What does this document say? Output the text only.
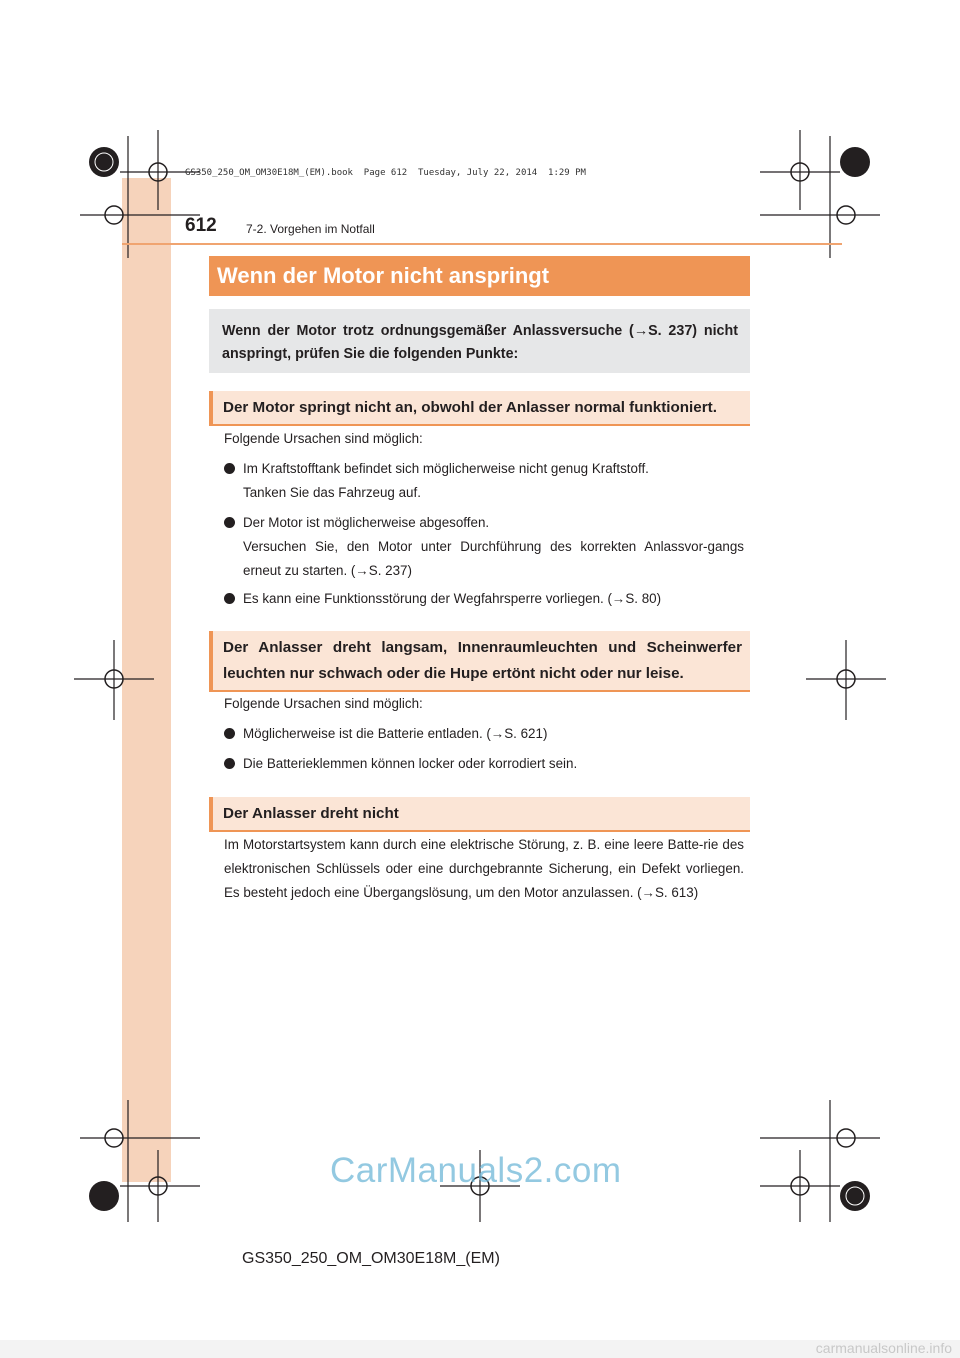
GS350_250_OM_OM30E18M_(EM).book  Page 612  Tuesday, July 22, 2014  1:29 PM
612 7-2. Vorgehen im Notfall
Wenn der Motor nicht anspringt
Wenn der Motor trotz ordnungsgemäßer Anlassversuche (→S. 237) nicht anspringt, prüfen Sie die folgenden Punkte:
Der Motor springt nicht an, obwohl der Anlasser normal funktioniert.
Folgende Ursachen sind möglich:
Im Kraftstofftank befindet sich möglicherweise nicht genug Kraftstoff.
Tanken Sie das Fahrzeug auf.
Der Motor ist möglicherweise abgesoffen.
Versuchen Sie, den Motor unter Durchführung des korrekten Anlassvor-gangs erneut zu starten. (→S. 237)
Es kann eine Funktionsstörung der Wegfahrsperre vorliegen. (→S. 80)
Der Anlasser dreht langsam, Innenraumleuchten und Scheinwerfer leuchten nur schwach oder die Hupe ertönt nicht oder nur leise.
Folgende Ursachen sind möglich:
Möglicherweise ist die Batterie entladen. (→S. 621)
Die Batterieklemmen können locker oder korrodiert sein.
Der Anlasser dreht nicht
Im Motorstartsystem kann durch eine elektrische Störung, z. B. eine leere Batte-rie des elektronischen Schlüssels oder eine durchgebrannte Sicherung, ein Defekt vorliegen. Es besteht jedoch eine Übergangslösung, um den Motor anzulassen. (→S. 613)
CarManuals2.com
GS350_250_OM_OM30E18M_(EM)
carmanualsonline.info
